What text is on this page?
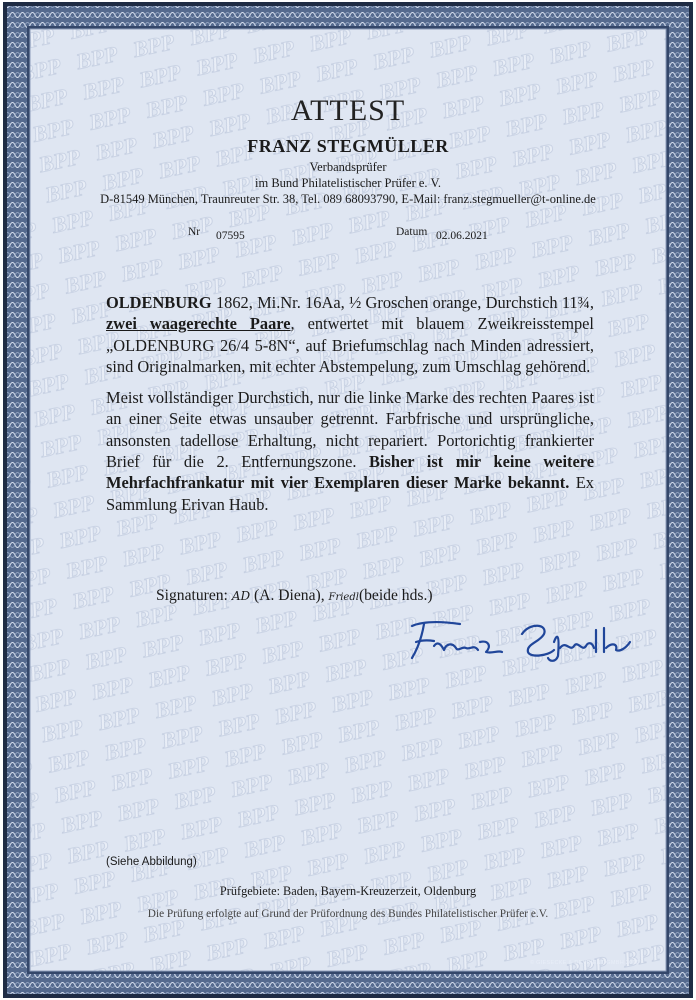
ATTEST
FRANZ STEGMÜLLER
Verbandsprüfer
im Bund Philatelistischer Prüfer e. V.
D-81549 München, Traunreuter Str. 38, Tel. 089 68093790, E-Mail: franz.stegmueller@t-online.de
Nr 07595	Datum 02.06.2021

OLDENBURG 1862, Mi.Nr. 16Aa, ½ Groschen orange, Durchstich 11¾, zwei waagerechte Paare, entwertet mit blauem Zweikreisstempel „OLDENBURG 26/4 5-8N“, auf Briefumschlag nach Minden adressiert, sind Originalmarken, mit echter Abstempelung, zum Umschlag gehörend.

Meist vollständiger Durchstich, nur die linke Marke des rechten Paares ist an einer Seite etwas unsauber getrennt. Farbfrische und ursprüngliche, ansonsten tadellose Erhaltung, nicht repariert. Portorichtig frankierter Brief für die 2. Entfernungszone. Bisher ist mir keine weitere Mehrfachfrankatur mit vier Exemplaren dieser Marke bekannt. Ex Sammlung Erivan Haub.

Signaturen: AD (A. Diena), Friedl(beide hds.)
(Siehe Abbildung)
Prüfgebiete: Baden, Bayern-Kreuzerzeit, Oldenburg
Die Prüfung erfolgte auf Grund der Prüfordnung des Bundes Philatelistischer Prüfer e.V.
© GIESECKE & DEVRIENT GMBH 2016
